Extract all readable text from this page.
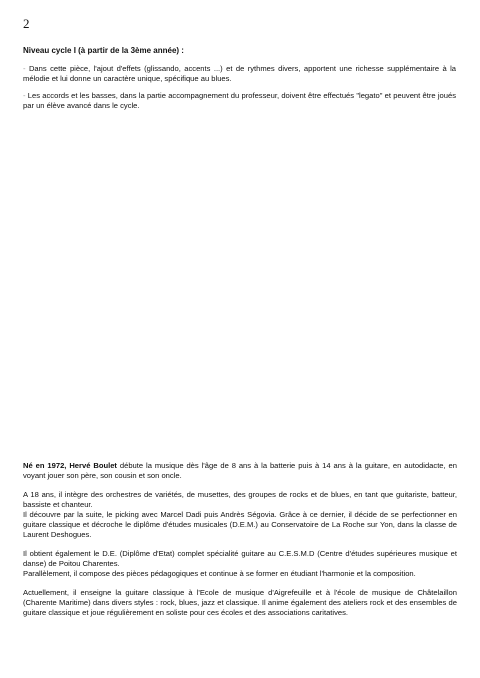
2

Niveau cycle I (à partir de la 3ème année) :

- Dans cette pièce, l'ajout d'effets (glissando, accents ...) et de rythmes divers, apportent une richesse supplémentaire à la mélodie et lui donne un caractère unique, spécifique au blues.

- Les accords et les basses, dans la partie accompagnement du professeur, doivent être effectués "legato" et peuvent être joués par un élève avancé dans le cycle.

Né en 1972, Hervé Boulet débute la musique dès l'âge de 8 ans à la batterie puis à 14 ans à la guitare, en autodidacte, en voyant jouer son père, son cousin et son oncle.

A 18 ans, il intègre des orchestres de variétés, de musettes, des groupes de rocks et de blues, en tant que guitariste, batteur, bassiste et chanteur.
Il découvre par la suite, le picking avec Marcel Dadi puis Andrès Ségovia. Grâce à ce dernier, il décide de se perfectionner en guitare classique et décroche le diplôme d'études musicales (D.E.M.) au Conservatoire de La Roche sur Yon, dans la classe de Laurent Deshogues.

Il obtient également le D.E. (Diplôme d'Etat) complet spécialité guitare au C.E.S.M.D (Centre d'études supérieures musique et danse) de Poitou Charentes.
Parallèlement, il compose des pièces pédagogiques et continue à se former en étudiant l'harmonie et la composition.

Actuellement, il enseigne la guitare classique à l'Ecole de musique d'Aigrefeuille et à l'école de musique de Châtelaillon (Charente Maritime) dans divers styles : rock, blues, jazz et classique. Il anime également des ateliers rock et des ensembles de guitare classique et joue régulièrement en soliste pour ces écoles et des associations caritatives.
